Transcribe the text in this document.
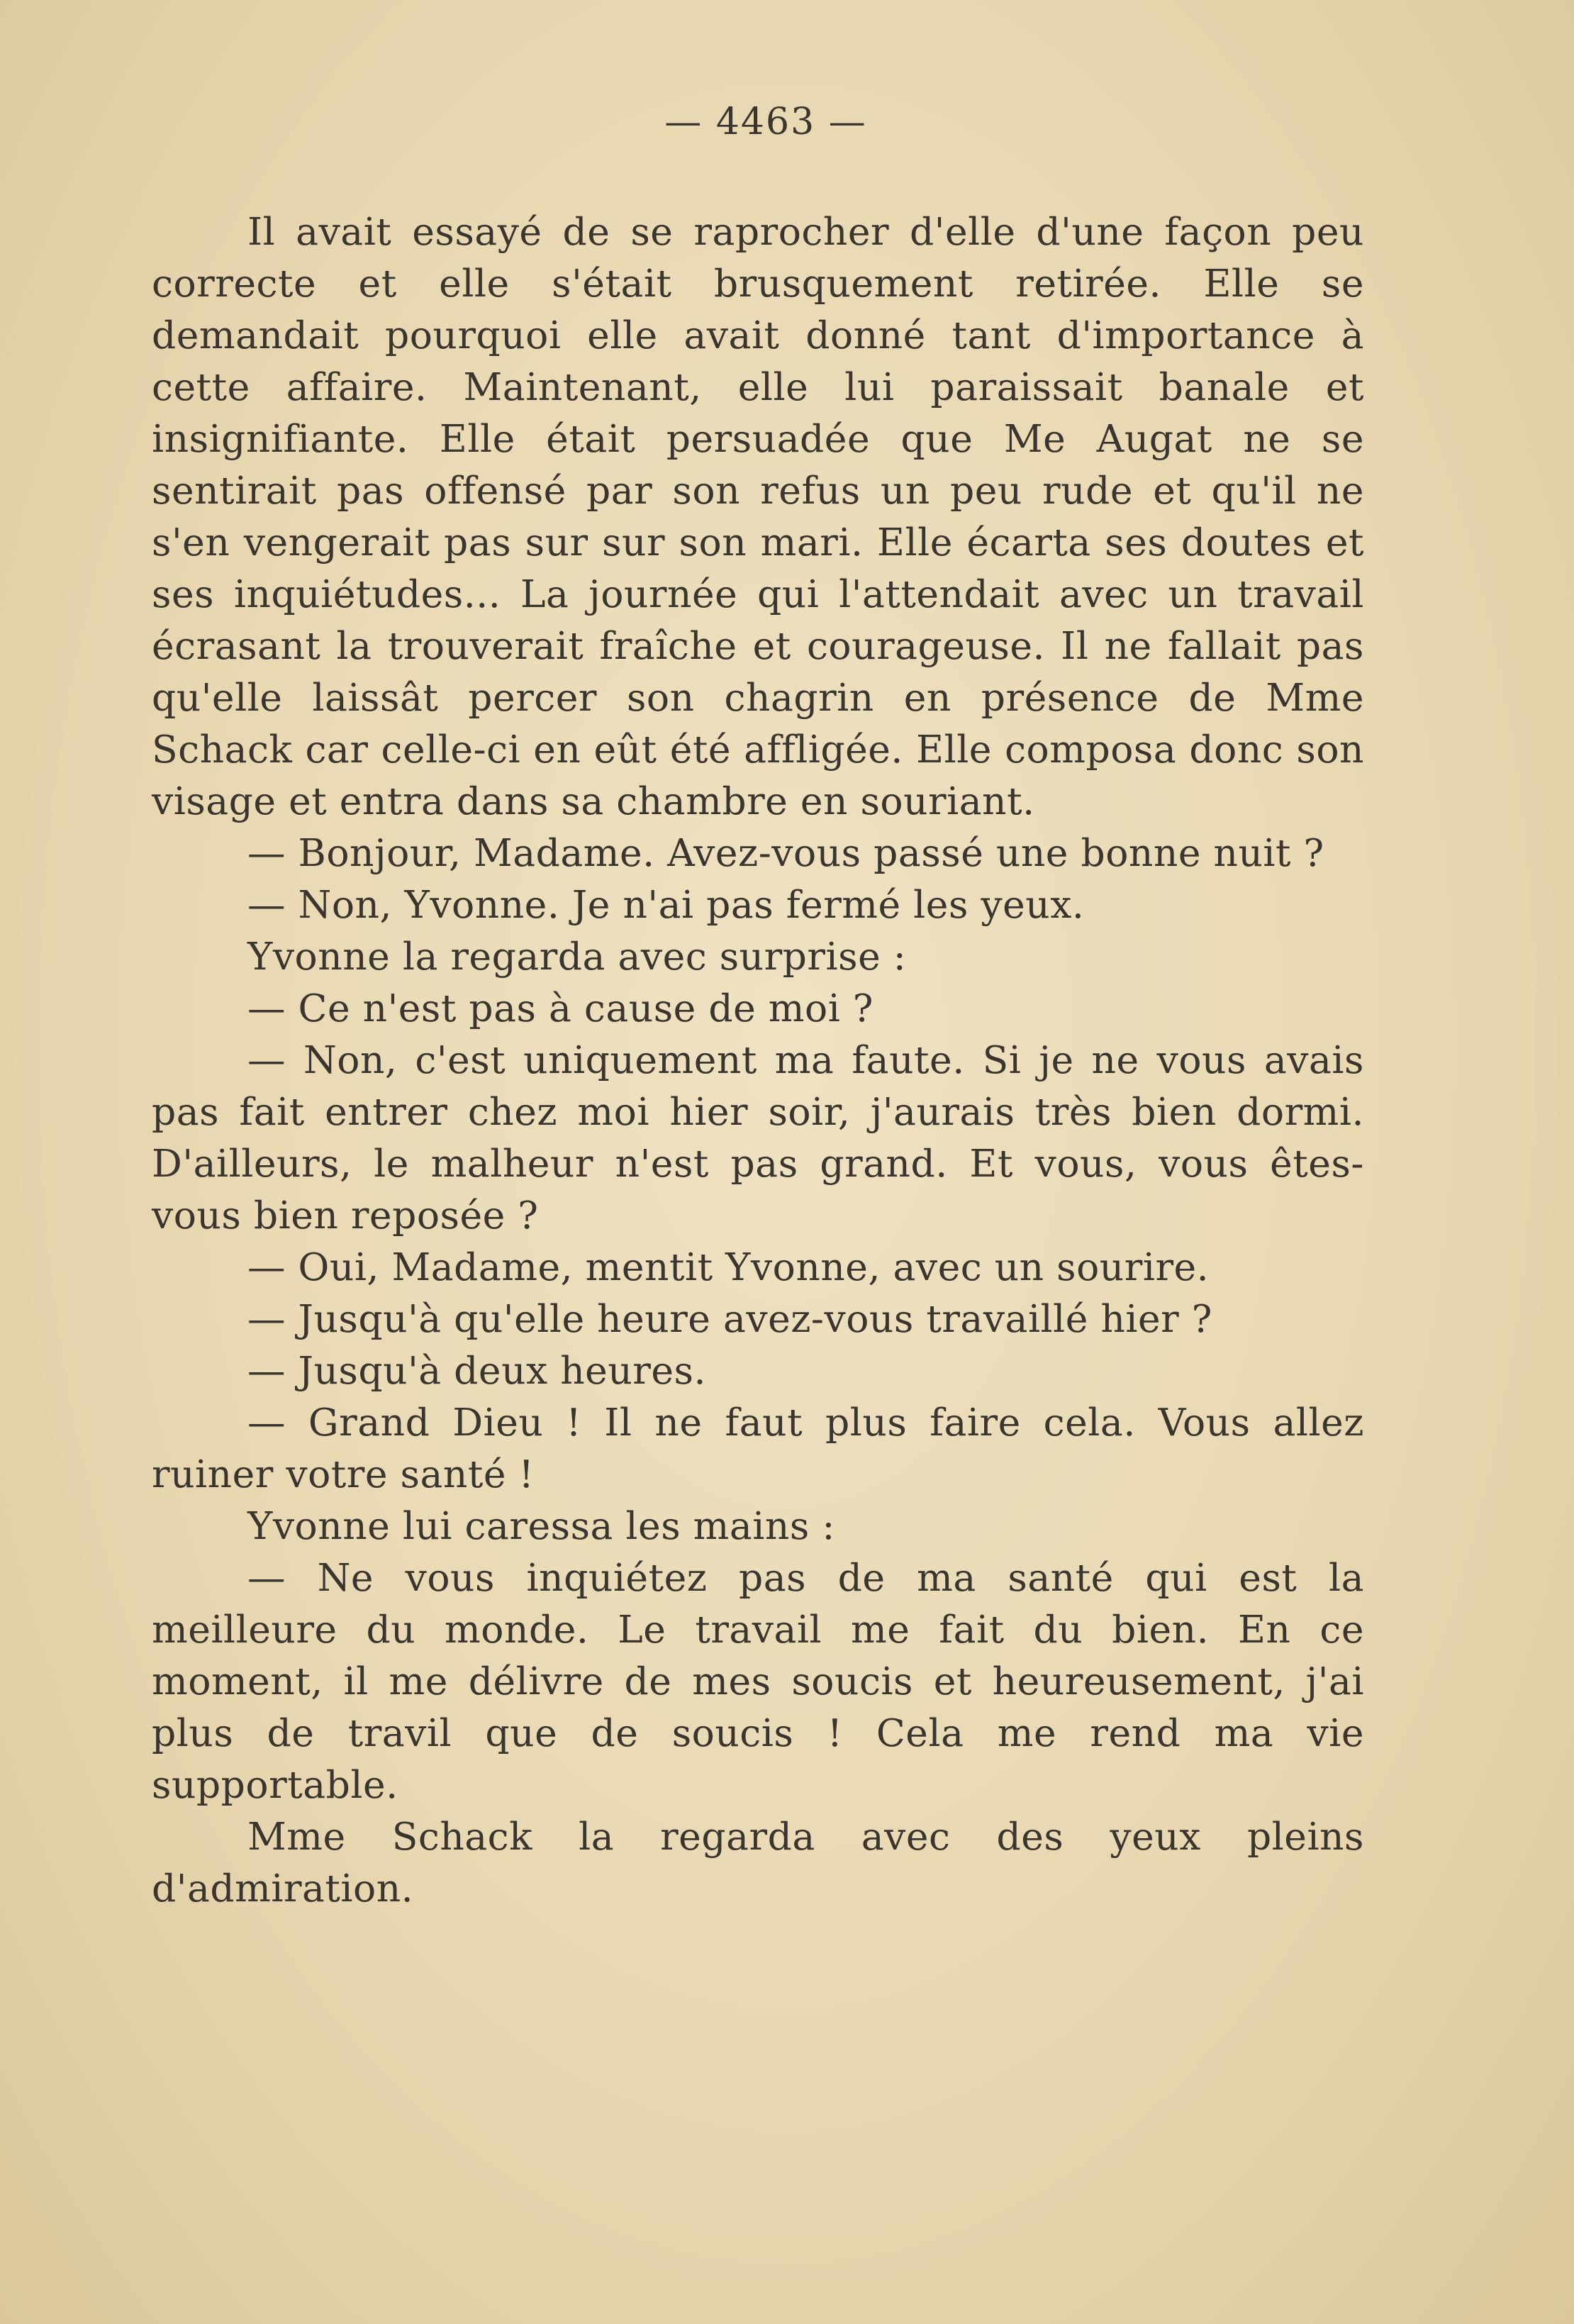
— 4463 —

Il avait essayé de se raprocher d'elle d'une façon peu correcte et elle s'était brusquement retirée. Elle se demandait pourquoi elle avait donné tant d'importance à cette affaire. Maintenant, elle lui paraissait banale et insignifiante. Elle était persuadée que Me Augat ne se sentirait pas offensé par son refus un peu rude et qu'il ne s'en vengerait pas sur sur son mari. Elle écarta ses doutes et ses inquiétudes... La journée qui l'attendait avec un travail écrasant la trouverait fraîche et courageuse. Il ne fallait pas qu'elle laissât percer son chagrin en présence de Mme Schack car celle-ci en eût été affligée. Elle composa donc son visage et entra dans sa chambre en souriant.

— Bonjour, Madame. Avez-vous passé une bonne nuit ?

— Non, Yvonne. Je n'ai pas fermé les yeux.

Yvonne la regarda avec surprise :

— Ce n'est pas à cause de moi ?

— Non, c'est uniquement ma faute. Si je ne vous avais pas fait entrer chez moi hier soir, j'aurais très bien dormi. D'ailleurs, le malheur n'est pas grand. Et vous, vous êtes-vous bien reposée ?

— Oui, Madame, mentit Yvonne, avec un sourire.

— Jusqu'à qu'elle heure avez-vous travaillé hier ?

— Jusqu'à deux heures.

— Grand Dieu ! Il ne faut plus faire cela. Vous allez ruiner votre santé !

Yvonne lui caressa les mains :

— Ne vous inquiétez pas de ma santé qui est la meilleure du monde. Le travail me fait du bien. En ce moment, il me délivre de mes soucis et heureusement, j'ai plus de travil que de soucis ! Cela me rend ma vie supportable.

Mme Schack la regarda avec des yeux pleins d'admiration.
